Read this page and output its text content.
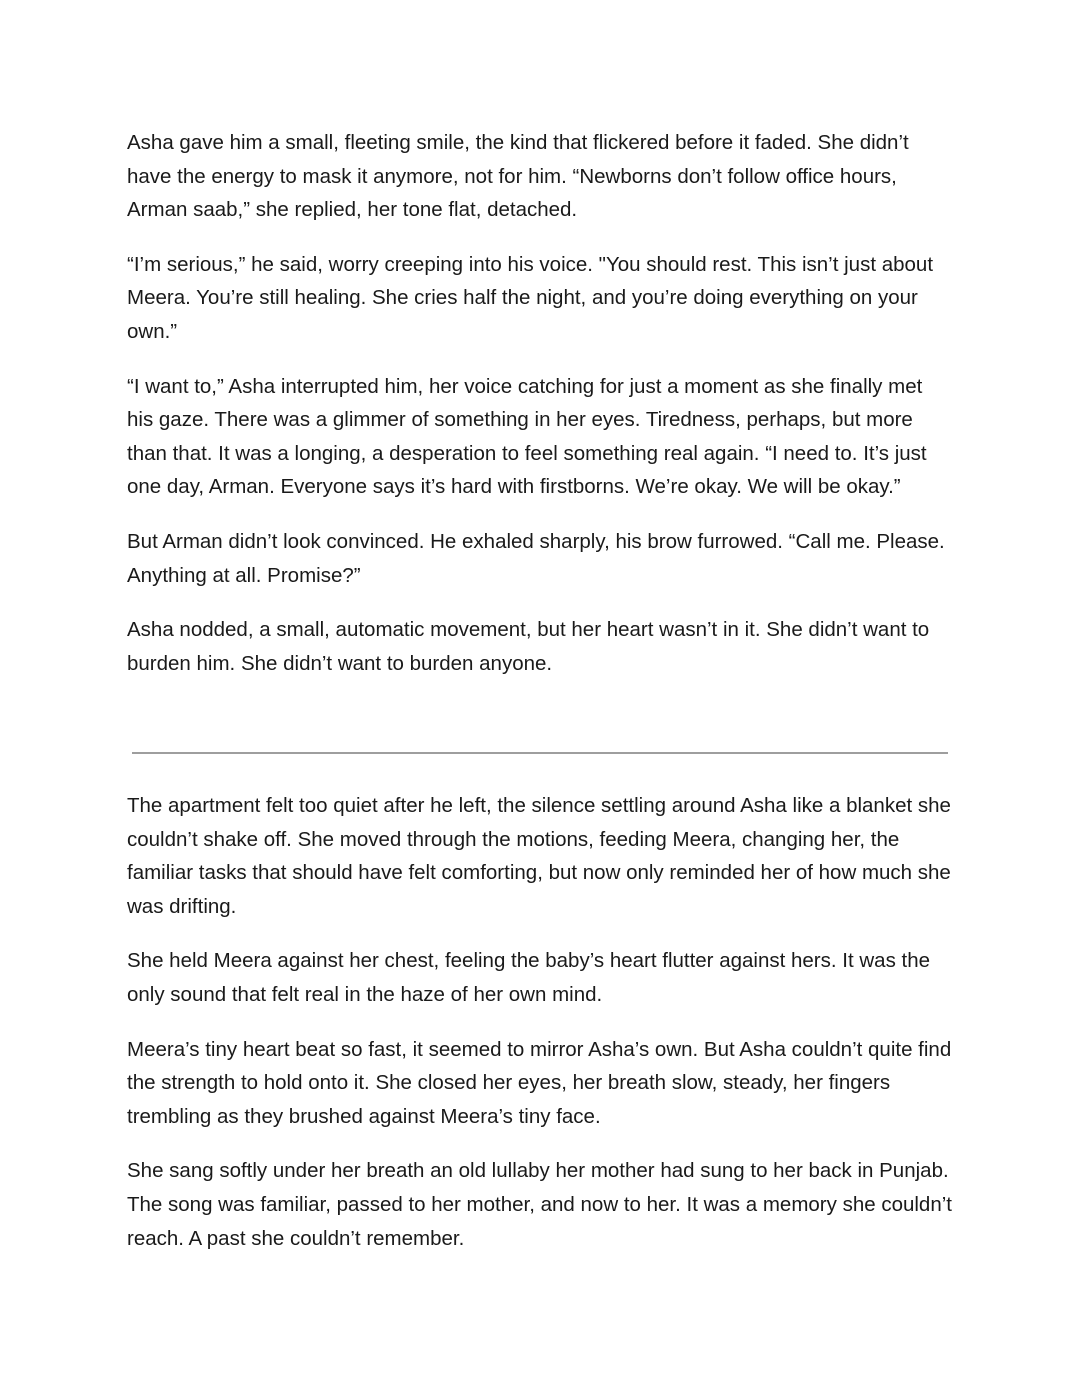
Asha gave him a small, fleeting smile, the kind that flickered before it faded. She didn’t have the energy to mask it anymore, not for him. “Newborns don’t follow office hours, Arman saab,” she replied, her tone flat, detached.

“I’m serious,” he said, worry creeping into his voice. "You should rest. This isn’t just about Meera. You’re still healing. She cries half the night, and you’re doing everything on your own.”

“I want to,” Asha interrupted him, her voice catching for just a moment as she finally met his gaze. There was a glimmer of something in her eyes. Tiredness, perhaps, but more than that. It was a longing, a desperation to feel something real again. “I need to. It’s just one day, Arman. Everyone says it’s hard with firstborns. We’re okay. We will be okay.”

But Arman didn’t look convinced. He exhaled sharply, his brow furrowed. “Call me. Please. Anything at all. Promise?”

Asha nodded, a small, automatic movement, but her heart wasn’t in it. She didn’t want to burden him. She didn’t want to burden anyone.

The apartment felt too quiet after he left, the silence settling around Asha like a blanket she couldn’t shake off. She moved through the motions, feeding Meera, changing her, the familiar tasks that should have felt comforting, but now only reminded her of how much she was drifting.

She held Meera against her chest, feeling the baby’s heart flutter against hers. It was the only sound that felt real in the haze of her own mind.

Meera’s tiny heart beat so fast, it seemed to mirror Asha’s own. But Asha couldn’t quite find the strength to hold onto it. She closed her eyes, her breath slow, steady, her fingers trembling as they brushed against Meera’s tiny face.

She sang softly under her breath an old lullaby her mother had sung to her back in Punjab. The song was familiar, passed to her mother, and now to her. It was a memory she couldn’t reach. A past she couldn’t remember.
